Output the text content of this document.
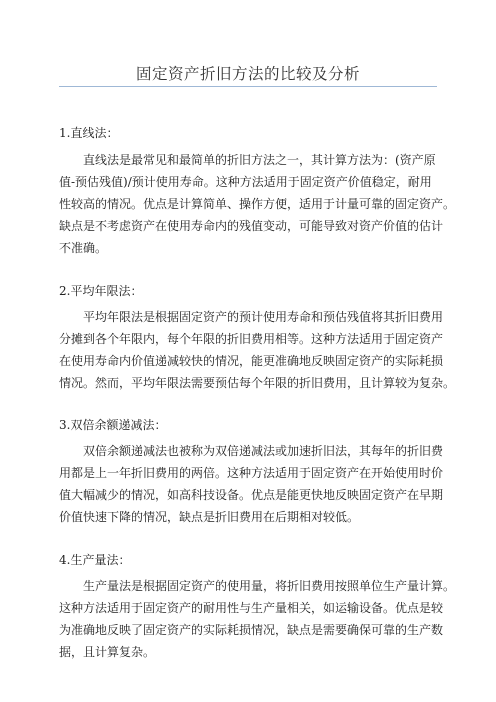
固定资产折旧方法的比较及分析
1.直线法：
直线法是最常见和最简单的折旧方法之一，其计算方法为：(资产原
值-预估残值)/预计使用寿命。这种方法适用于固定资产价值稳定，耐用
性较高的情况。优点是计算简单、操作方便，适用于计量可靠的固定资产。
缺点是不考虑资产在使用寿命内的残值变动，可能导致对资产价值的估计
不准确。
2.平均年限法：
平均年限法是根据固定资产的预计使用寿命和预估残值将其折旧费用
分摊到各个年限内，每个年限的折旧费用相等。这种方法适用于固定资产
在使用寿命内价值递减较快的情况，能更准确地反映固定资产的实际耗损
情况。然而，平均年限法需要预估每个年限的折旧费用，且计算较为复杂。
3.双倍余额递减法：
双倍余额递减法也被称为双倍递减法或加速折旧法，其每年的折旧费
用都是上一年折旧费用的两倍。这种方法适用于固定资产在开始使用时价
值大幅减少的情况，如高科技设备。优点是能更快地反映固定资产在早期
价值快速下降的情况，缺点是折旧费用在后期相对较低。
4.生产量法：
生产量法是根据固定资产的使用量，将折旧费用按照单位生产量计算。
这种方法适用于固定资产的耐用性与生产量相关，如运输设备。优点是较
为准确地反映了固定资产的实际耗损情况，缺点是需要确保可靠的生产数
据，且计算复杂。
